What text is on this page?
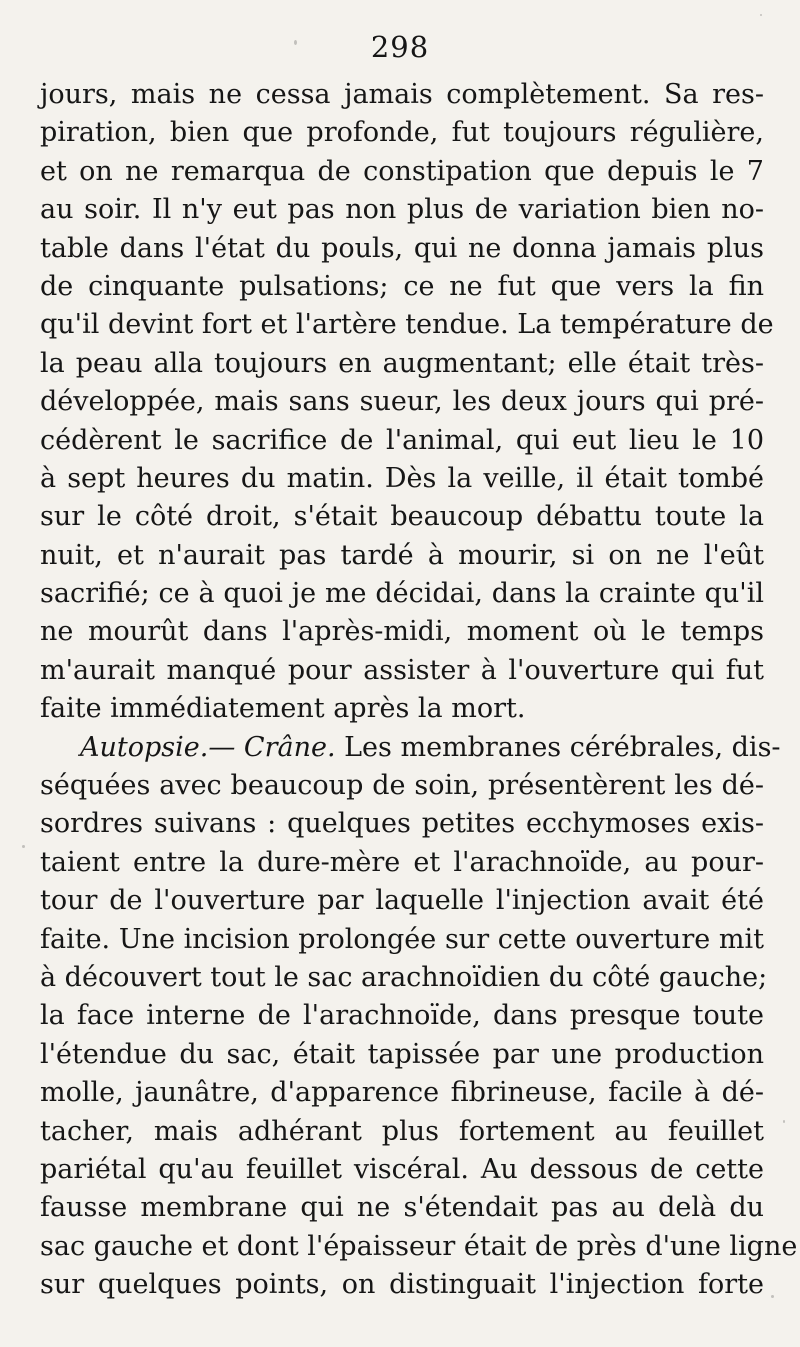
298
jours, mais ne cessa jamais complètement. Sa res-
piration, bien que profonde, fut toujours régulière,
et on ne remarqua de constipation que depuis le 7
au soir. Il n'y eut pas non plus de variation bien no-
table dans l'état du pouls, qui ne donna jamais plus
de cinquante pulsations; ce ne fut que vers la fin
qu'il devint fort et l'artère tendue. La température de
la peau alla toujours en augmentant; elle était très-
développée, mais sans sueur, les deux jours qui pré-
cédèrent le sacrifice de l'animal, qui eut lieu le 10
à sept heures du matin. Dès la veille, il était tombé
sur le côté droit, s'était beaucoup débattu toute la
nuit, et n'aurait pas tardé à mourir, si on ne l'eût
sacrifié; ce à quoi je me décidai, dans la crainte qu'il
ne mourût dans l'après-midi, moment où le temps
m'aurait manqué pour assister à l'ouverture qui fut
faite immédiatement après la mort.
Autopsie.— Crâne. Les membranes cérébrales, dis-
séquées avec beaucoup de soin, présentèrent les dé-
sordres suivans : quelques petites ecchymoses exis-
taient entre la dure-mère et l'arachnoïde, au pour-
tour de l'ouverture par laquelle l'injection avait été
faite. Une incision prolongée sur cette ouverture mit
à découvert tout le sac arachnoïdien du côté gauche;
la face interne de l'arachnoïde, dans presque toute
l'étendue du sac, était tapissée par une production
molle, jaunâtre, d'apparence fibrineuse, facile à dé-
tacher, mais adhérant plus fortement au feuillet
pariétal qu'au feuillet viscéral. Au dessous de cette
fausse membrane qui ne s'étendait pas au delà du
sac gauche et dont l'épaisseur était de près d'une ligne
sur quelques points, on distinguait l'injection forte
